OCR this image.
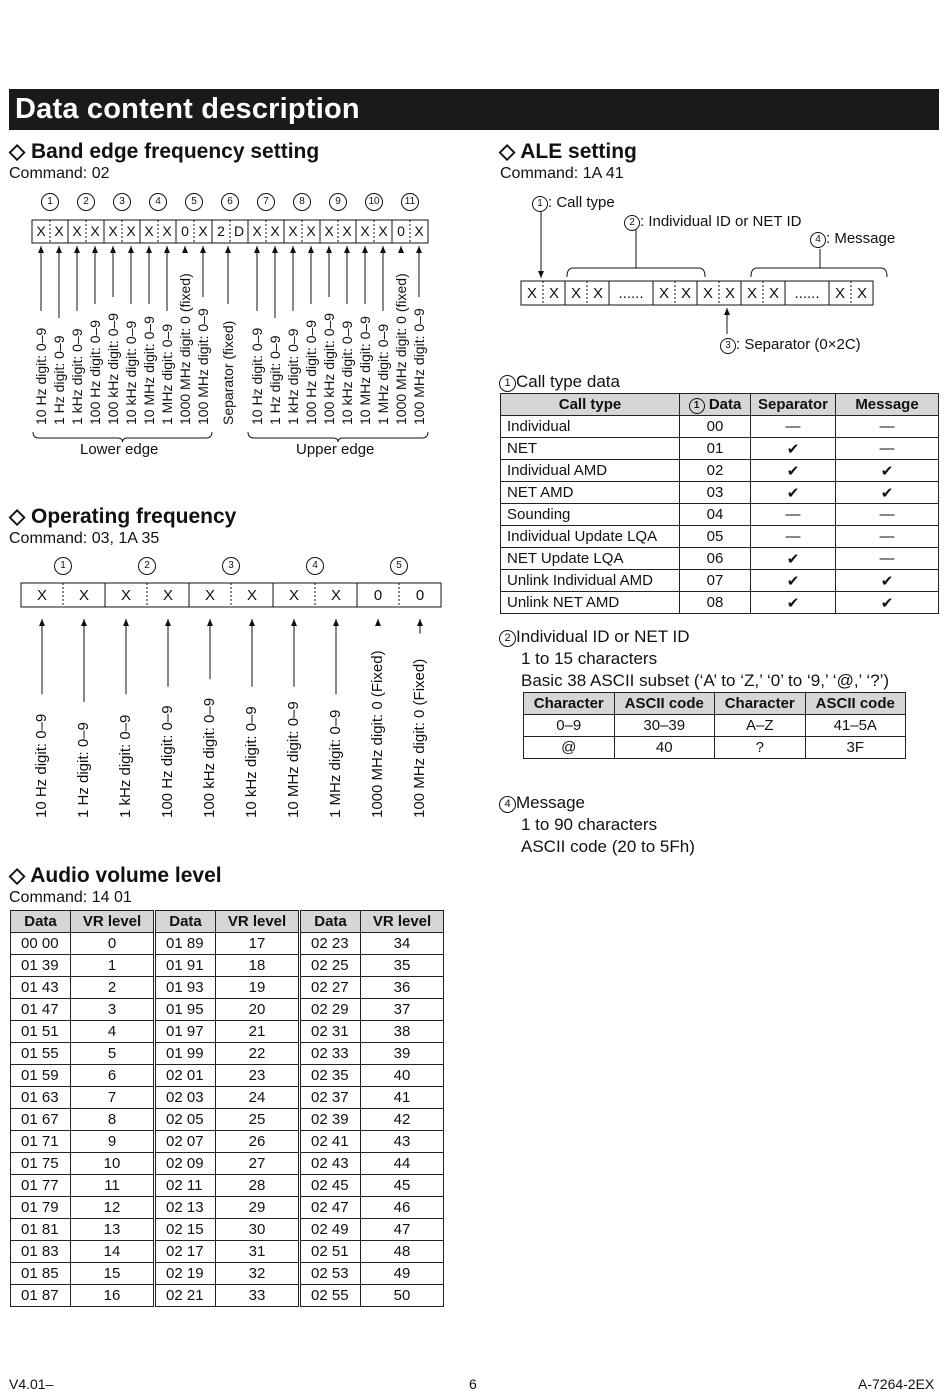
Data content description
◇ Band edge frequency setting
Command: 02
X X X X X X X X 0 X 2 D X X X X X X X X 0 X
1	2	3	4	5	6	7	8	9	10	11
10 Hz digit: 0–9 1 Hz digit: 0–9 1 kHz digit: 0–9 100 Hz digit: 0–9 100 kHz digit: 0–9 10 kHz digit: 0–9 10 MHz digit: 0–9 1 MHz digit: 0–9 1000 MHz digit: 0 (fixed) 100 MHz digit: 0–9 Separator (fixed) 10 Hz digit: 0–9 1 Hz digit: 0–9 1 kHz digit: 0–9 100 Hz digit: 0–9 100 kHz digit: 0–9 10 kHz digit: 0–9 10 MHz digit: 0–9 1 MHz digit: 0–9 1000 MHz digit: 0 (fixed) 100 MHz digit: 0–9
Lower edge	Upper edge
◇ Operating frequency
Command: 03, 1A 35
X	X	X	X	X	X	X	X	0	0
1	2	3	4	5
10 Hz digit: 0–9 1 Hz digit: 0–9 1 kHz digit: 0–9 100 Hz digit: 0–9 100 kHz digit: 0–9 10 kHz digit: 0–9 10 MHz digit: 0–9 1 MHz digit: 0–9 1000 MHz digit: 0 (Fixed) 100 MHz digit: 0 (Fixed)
◇ Audio volume level
Command: 14 01
Data	VR level
00 00	0
01 39	1
01 43	2
01 47	3
01 51	4
01 55	5
01 59	6
01 63	7
01 67	8
01 71	9
01 75	10
01 77	11
01 79	12
01 81	13
01 83	14
01 85	15
01 87	16
Data	VR level
01 89	17
01 91	18
01 93	19
01 95	20
01 97	21
01 99	22
02 01	23
02 03	24
02 05	25
02 07	26
02 09	27
02 11	28
02 13	29
02 15	30
02 17	31
02 19	32
02 21	33
Data	VR level
02 23	34
02 25	35
02 27	36
02 29	37
02 31	38
02 33	39
02 35	40
02 37	41
02 39	42
02 41	43
02 43	44
02 45	45
02 47	46
02 49	47
02 51	48
02 53	49
02 55	50
◇ ALE setting
Command: 1A 41
1 : Call type
2 : Individual ID or NET ID
4 : Message
3 : Separator (0×2C)
X X X X	......	X X X X X X	......	X X
1 Call type data
Call type	1 Data	Separator	Message
Individual	00	—	—
NET	01	✔	—
Individual AMD	02	✔	✔
NET AMD	03	✔	✔
Sounding	04	—	—
Individual Update LQA	05	—	—
NET Update LQA	06	✔	—
Unlink Individual AMD	07	✔	✔
Unlink NET AMD	08	✔	✔
2 Individual ID or NET ID
1 to 15 characters
Basic 38 ASCII subset (‘A’ to ‘Z,’ ‘0’ to ‘9,’ ‘@,’ ‘?’)
Character	ASCII code	Character	ASCII code
0–9	30–39	A–Z	41–5A
@	40	?	3F
4 Message
1 to 90 characters
ASCII code (20 to 5Fh)
V4.01–	6	A-7264-2EX
